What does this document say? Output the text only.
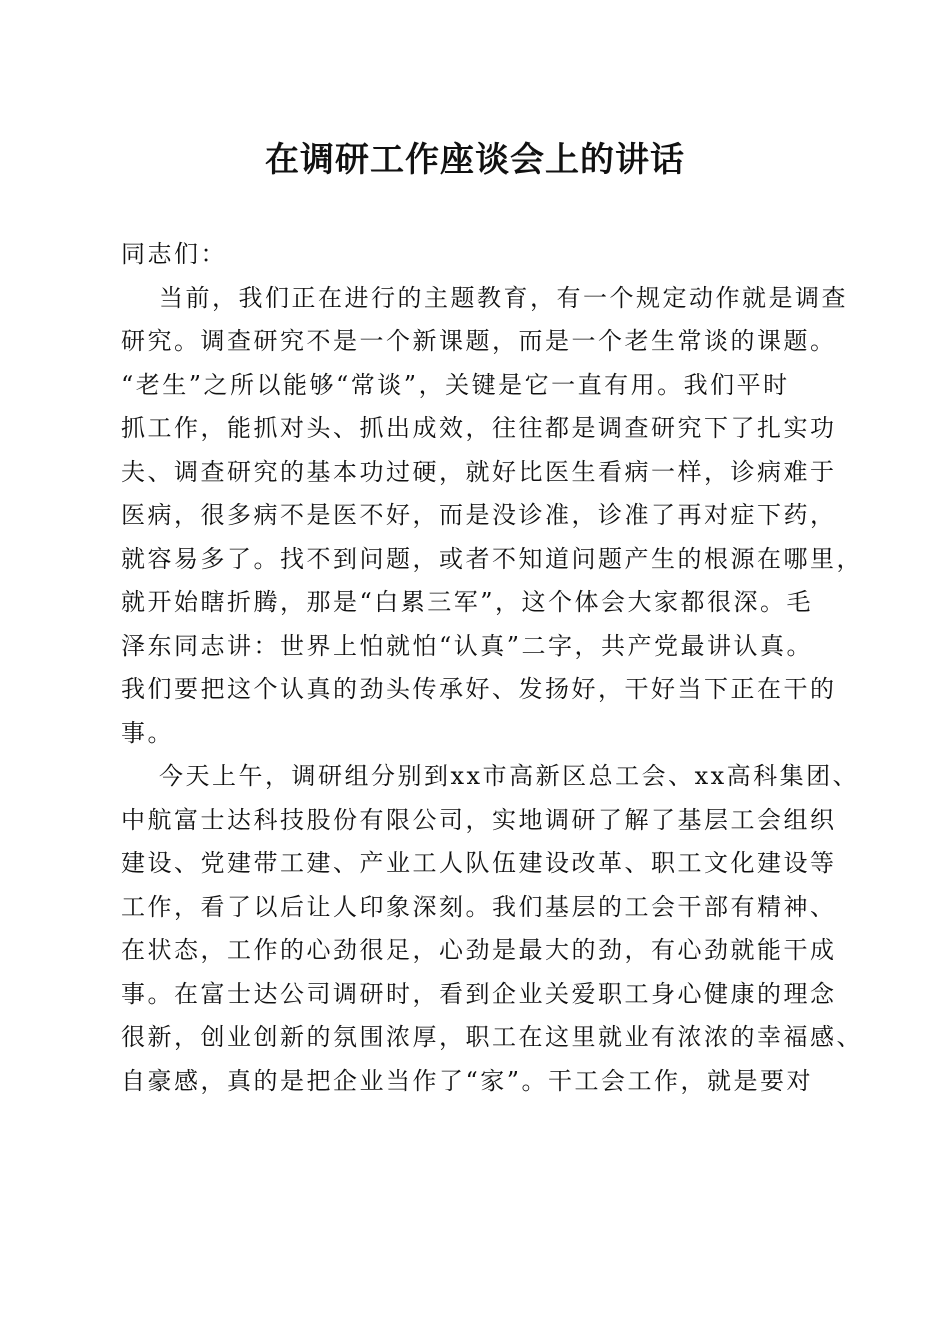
在调研工作座谈会上的讲话
同志们：
当前，我们正在进行的主题教育，有一个规定动作就是调查
研究。调查研究不是一个新课题，而是一个老生常谈的课题。
“老生”之所以能够“常谈”，关键是它一直有用。我们平时
抓工作，能抓对头、抓出成效，往往都是调查研究下了扎实功
夫、调查研究的基本功过硬，就好比医生看病一样，诊病难于
医病，很多病不是医不好，而是没诊准，诊准了再对症下药，
就容易多了。找不到问题，或者不知道问题产生的根源在哪里，
就开始瞎折腾，那是“白累三军”，这个体会大家都很深。毛
泽东同志讲：世界上怕就怕“认真”二字，共产党最讲认真。
我们要把这个认真的劲头传承好、发扬好，干好当下正在干的
事。
今天上午，调研组分别到xx市高新区总工会、xx高科集团、
中航富士达科技股份有限公司，实地调研了解了基层工会组织
建设、党建带工建、产业工人队伍建设改革、职工文化建设等
工作，看了以后让人印象深刻。我们基层的工会干部有精神、
在状态，工作的心劲很足，心劲是最大的劲，有心劲就能干成
事。在富士达公司调研时，看到企业关爱职工身心健康的理念
很新，创业创新的氛围浓厚，职工在这里就业有浓浓的幸福感、
自豪感，真的是把企业当作了“家”。干工会工作，就是要对
